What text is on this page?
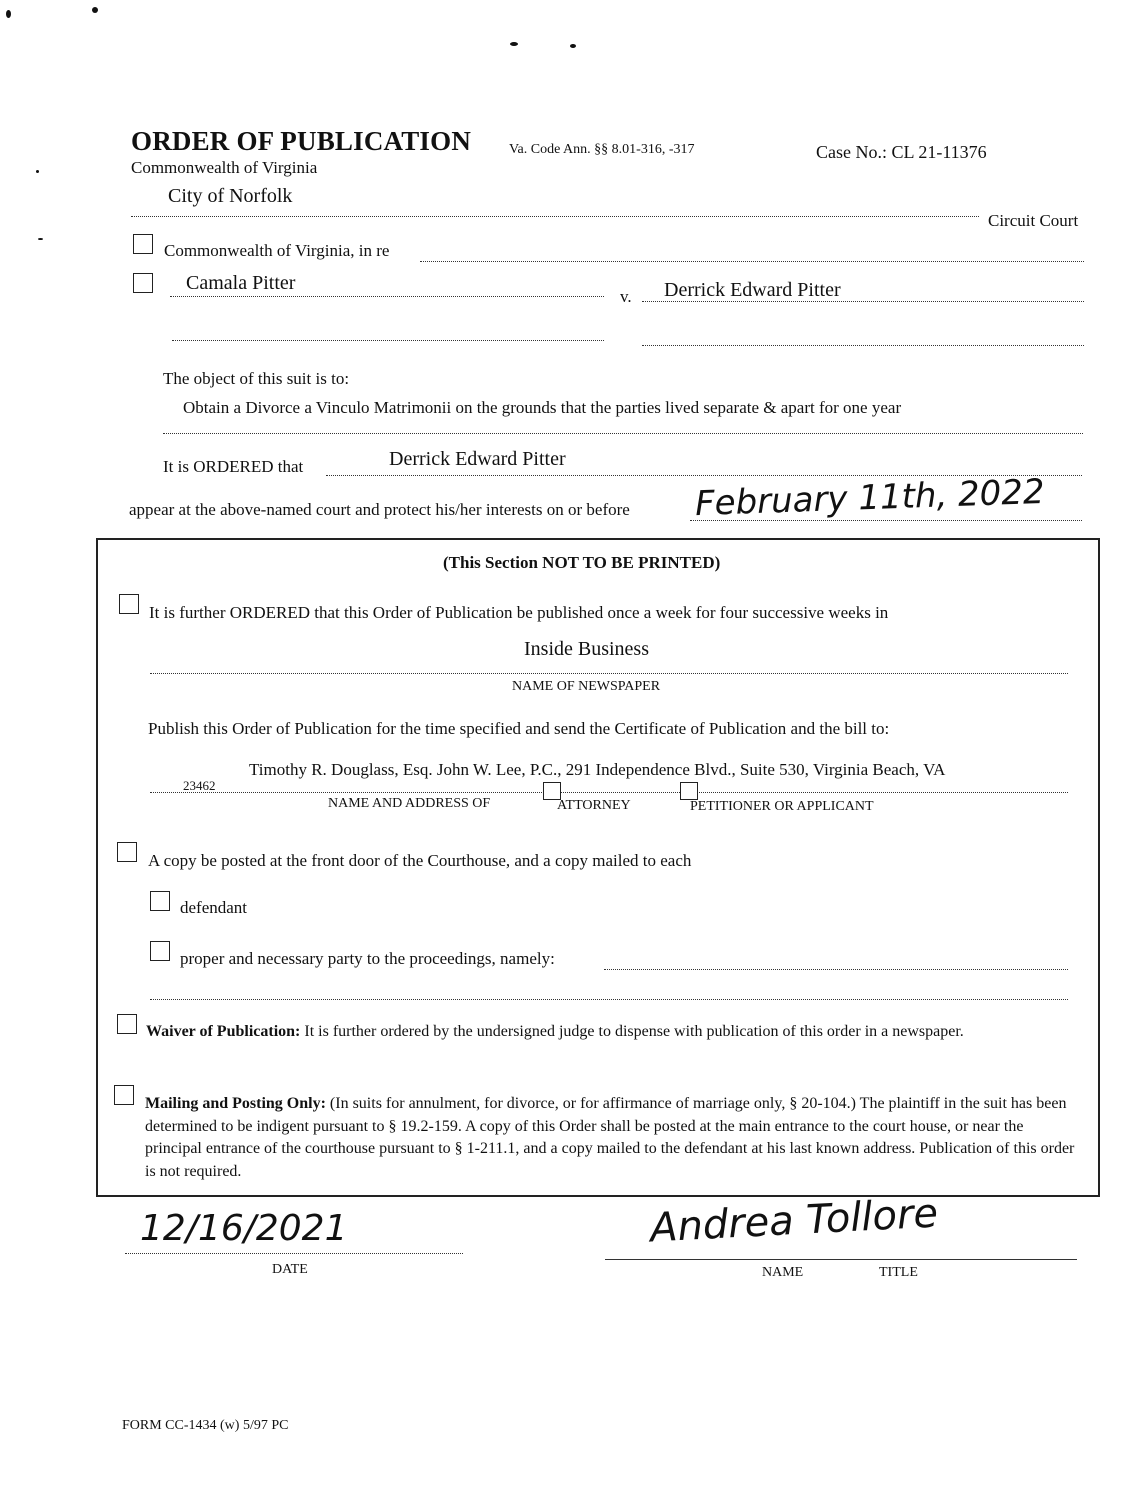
ORDER OF PUBLICATION
Commonwealth of Virginia
Va. Code Ann. §§ 8.01-316, -317	Case No.: CL 21-11376
City of Norfolk
Circuit Court
Commonwealth of Virginia, in re
Camala Pitter
v. Derrick Edward Pitter
The object of this suit is to:
Obtain a Divorce a Vinculo Matrimonii on the grounds that the parties lived separate & apart for one year
It is ORDERED that	Derrick Edward Pitter
appear at the above-named court and protect his/her interests on or before February 11th, 2022
(This Section NOT TO BE PRINTED)
It is further ORDERED that this Order of Publication be published once a week for four successive weeks in
Inside Business
NAME OF NEWSPAPER
Publish this Order of Publication for the time specified and send the Certificate of Publication and the bill to:
Timothy R. Douglass, Esq. John W. Lee, P.C., 291 Independence Blvd., Suite 530, Virginia Beach, VA
23462
NAME AND ADDRESS OF	ATTORNEY	PETITIONER OR APPLICANT
A copy be posted at the front door of the Courthouse, and a copy mailed to each
defendant
proper and necessary party to the proceedings, namely:
Waiver of Publication: It is further ordered by the undersigned judge to dispense with publication of this order in a newspaper.
Mailing and Posting Only: (In suits for annulment, for divorce, or for affirmance of marriage only, § 20-104.) The plaintiff in the suit has been determined to be indigent pursuant to § 19.2-159. A copy of this Order shall be posted at the main entrance to the court house, or near the principal entrance of the courthouse pursuant to § 1-211.1, and a copy mailed to the defendant at his last known address. Publication of this order is not required.
12/16/2021
DATE
Andrea Tollore
NAME	TITLE
FORM CC-1434 (w) 5/97 PC
